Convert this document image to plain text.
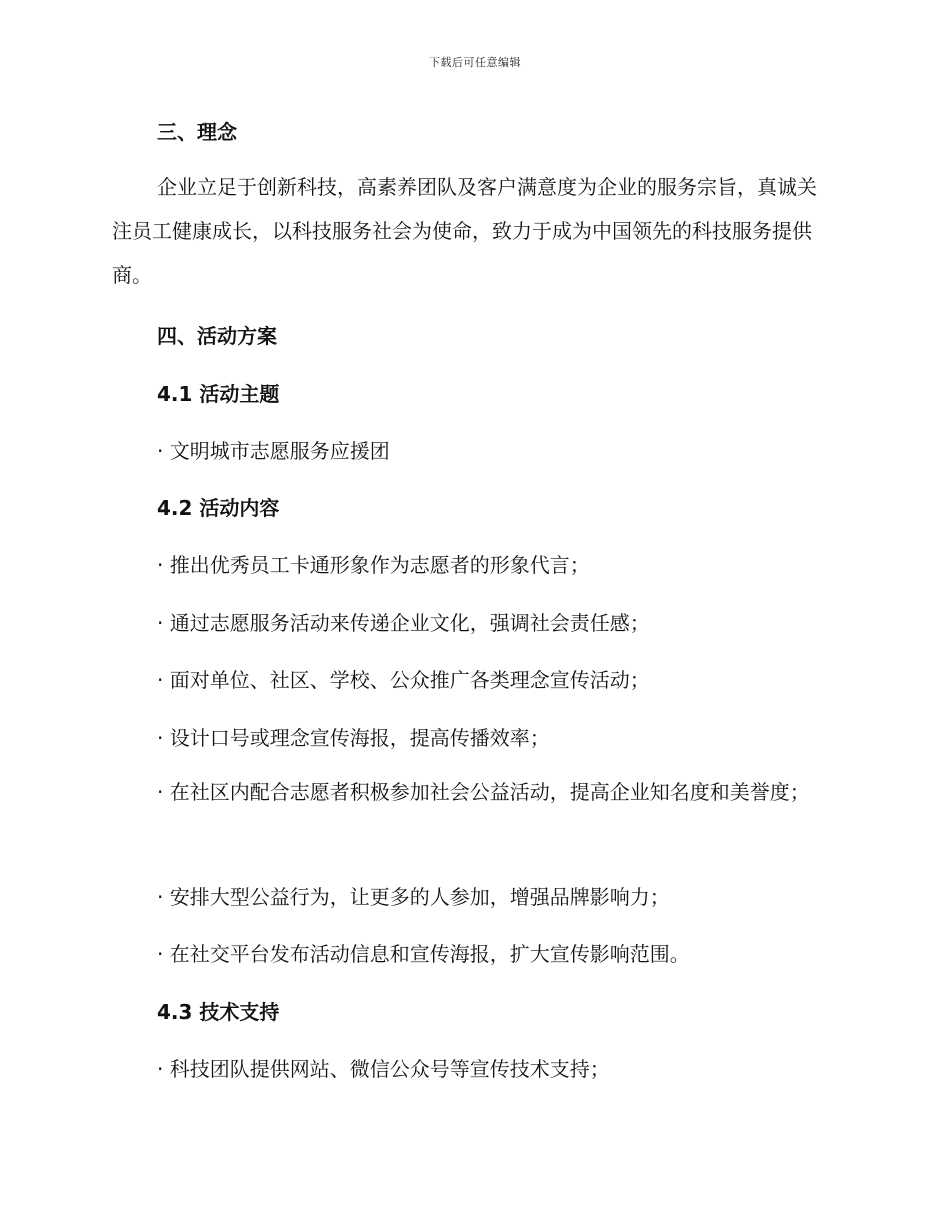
下载后可任意编辑
三、理念
企业立足于创新科技，高素养团队及客户满意度为企业的服务宗旨，真诚关注员工健康成长，以科技服务社会为使命，致力于成为中国领先的科技服务提供商。
四、活动方案
4.1 活动主题
· 文明城市志愿服务应援团
4.2 活动内容
· 推出优秀员工卡通形象作为志愿者的形象代言；
· 通过志愿服务活动来传递企业文化，强调社会责任感；
· 面对单位、社区、学校、公众推广各类理念宣传活动；
· 设计口号或理念宣传海报，提高传播效率；
· 在社区内配合志愿者积极参加社会公益活动，提高企业知名度和美誉度；
· 安排大型公益行为，让更多的人参加，增强品牌影响力；
· 在社交平台发布活动信息和宣传海报，扩大宣传影响范围。
4.3 技术支持
· 科技团队提供网站、微信公众号等宣传技术支持；
